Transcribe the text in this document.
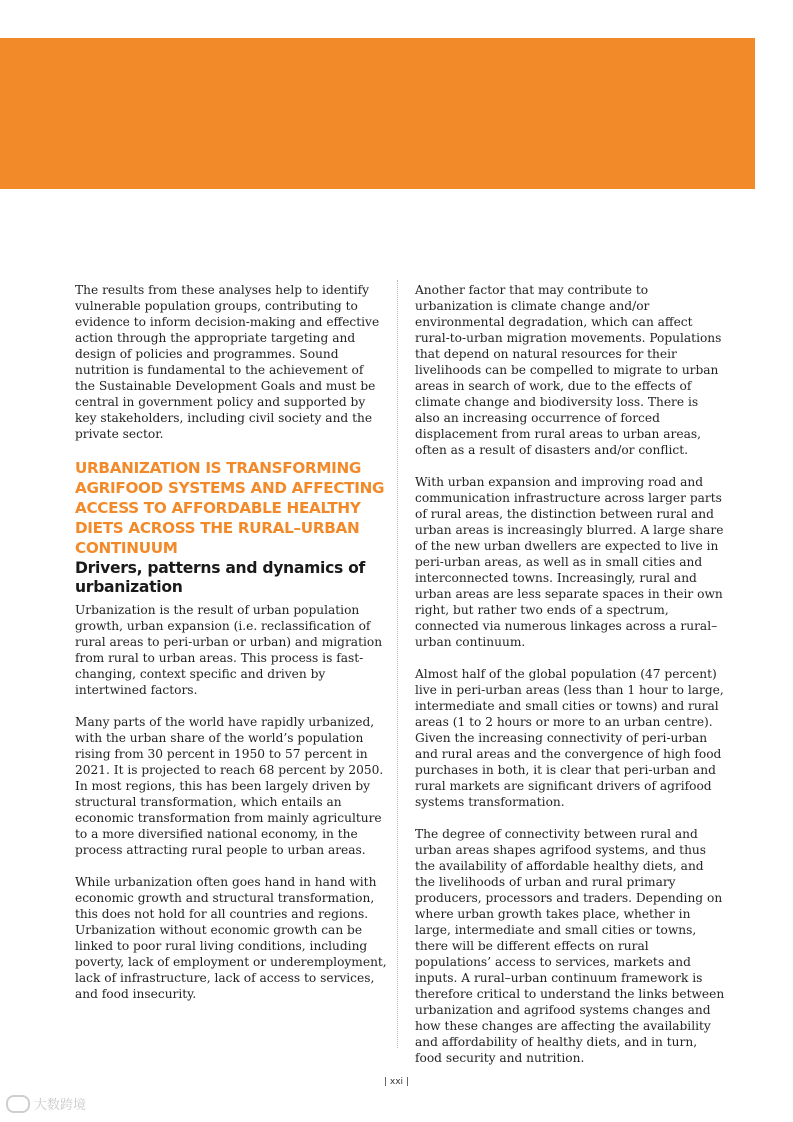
The results from these analyses help to identify vulnerable population groups, contributing to evidence to inform decision-making and effective action through the appropriate targeting and design of policies and programmes. Sound nutrition is fundamental to the achievement of the Sustainable Development Goals and must be central in government policy and supported by key stakeholders, including civil society and the private sector.

URBANIZATION IS TRANSFORMING AGRIFOOD SYSTEMS AND AFFECTING ACCESS TO AFFORDABLE HEALTHY DIETS ACROSS THE RURAL–URBAN CONTINUUM
Drivers, patterns and dynamics of urbanization

Urbanization is the result of urban population growth, urban expansion (i.e. reclassification of rural areas to peri-urban or urban) and migration from rural to urban areas. This process is fast-changing, context specific and driven by intertwined factors.

Many parts of the world have rapidly urbanized, with the urban share of the world’s population rising from 30 percent in 1950 to 57 percent in 2021. It is projected to reach 68 percent by 2050. In most regions, this has been largely driven by structural transformation, which entails an economic transformation from mainly agriculture to a more diversified national economy, in the process attracting rural people to urban areas.

While urbanization often goes hand in hand with economic growth and structural transformation, this does not hold for all countries and regions. Urbanization without economic growth can be linked to poor rural living conditions, including poverty, lack of employment or underemployment, lack of infrastructure, lack of access to services, and food insecurity.

Another factor that may contribute to urbanization is climate change and/or environmental degradation, which can affect rural-to-urban migration movements. Populations that depend on natural resources for their livelihoods can be compelled to migrate to urban areas in search of work, due to the effects of climate change and biodiversity loss. There is also an increasing occurrence of forced displacement from rural areas to urban areas, often as a result of disasters and/or conflict.

With urban expansion and improving road and communication infrastructure across larger parts of rural areas, the distinction between rural and urban areas is increasingly blurred. A large share of the new urban dwellers are expected to live in peri-urban areas, as well as in small cities and interconnected towns. Increasingly, rural and urban areas are less separate spaces in their own right, but rather two ends of a spectrum, connected via numerous linkages across a rural–urban continuum.

Almost half of the global population (47 percent) live in peri-urban areas (less than 1 hour to large, intermediate and small cities or towns) and rural areas (1 to 2 hours or more to an urban centre). Given the increasing connectivity of peri-urban and rural areas and the convergence of high food purchases in both, it is clear that peri-urban and rural markets are significant drivers of agrifood systems transformation.

The degree of connectivity between rural and urban areas shapes agrifood systems, and thus the availability of affordable healthy diets, and the livelihoods of urban and rural primary producers, processors and traders. Depending on where urban growth takes place, whether in large, intermediate and small cities or towns, there will be different effects on rural populations’ access to services, markets and inputs. A rural–urban continuum framework is therefore critical to understand the links between urbanization and agrifood systems changes and how these changes are affecting the availability and affordability of healthy diets, and in turn, food security and nutrition.

| xxi |
大数跨境
